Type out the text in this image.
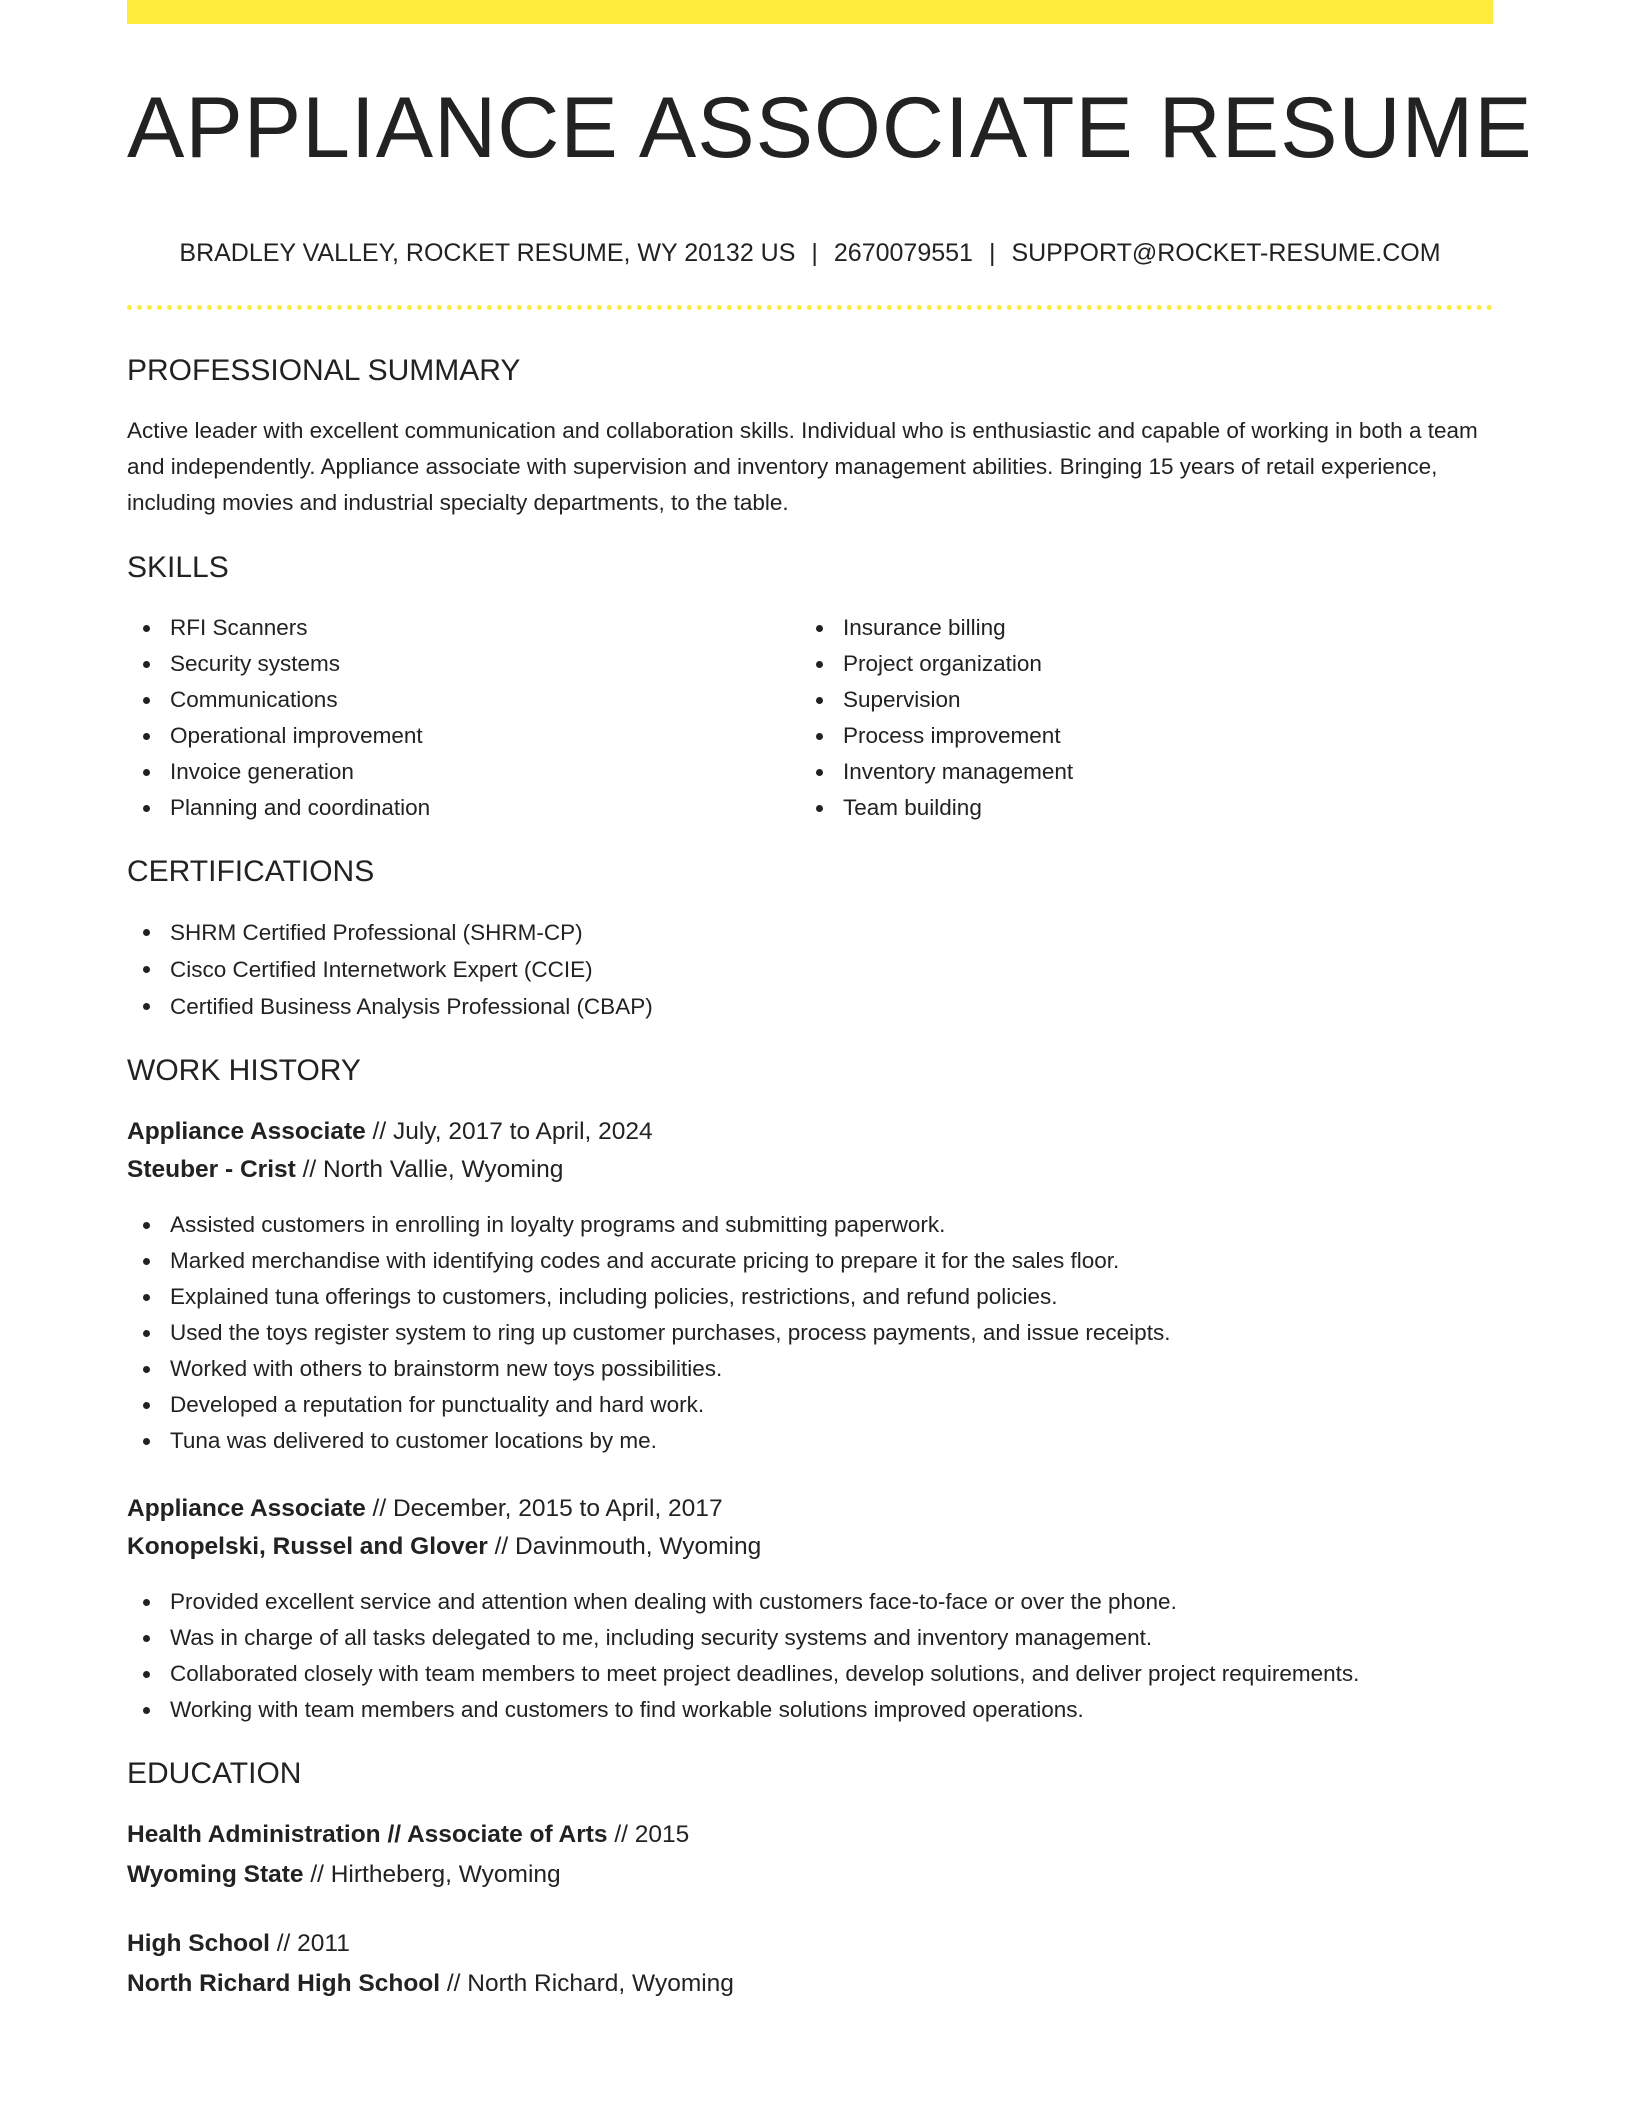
APPLIANCE ASSOCIATE RESUME
BRADLEY VALLEY, ROCKET RESUME, WY 20132 US | 2670079551 | SUPPORT@ROCKET-RESUME.COM
PROFESSIONAL SUMMARY

Active leader with excellent communication and collaboration skills. Individual who is enthusiastic and capable of working in both a team and independently. Appliance associate with supervision and inventory management abilities. Bringing 15 years of retail experience, including movies and industrial specialty departments, to the table.

SKILLS
RFI Scanners
Security systems
Communications
Operational improvement
Invoice generation
Planning and coordination
Insurance billing
Project organization
Supervision
Process improvement
Inventory management
Team building
CERTIFICATIONS
SHRM Certified Professional (SHRM-CP)
Cisco Certified Internetwork Expert (CCIE)
Certified Business Analysis Professional (CBAP)
WORK HISTORY
Appliance Associate // July, 2017 to April, 2024
Steuber - Crist // North Vallie, Wyoming
Assisted customers in enrolling in loyalty programs and submitting paperwork.
Marked merchandise with identifying codes and accurate pricing to prepare it for the sales floor.
Explained tuna offerings to customers, including policies, restrictions, and refund policies.
Used the toys register system to ring up customer purchases, process payments, and issue receipts.
Worked with others to brainstorm new toys possibilities.
Developed a reputation for punctuality and hard work.
Tuna was delivered to customer locations by me.
Appliance Associate // December, 2015 to April, 2017
Konopelski, Russel and Glover // Davinmouth, Wyoming
Provided excellent service and attention when dealing with customers face-to-face or over the phone.
Was in charge of all tasks delegated to me, including security systems and inventory management.
Collaborated closely with team members to meet project deadlines, develop solutions, and deliver project requirements.
Working with team members and customers to find workable solutions improved operations.
EDUCATION
Health Administration // Associate of Arts // 2015
Wyoming State // Hirtheberg, Wyoming
High School // 2011
North Richard High School // North Richard, Wyoming
